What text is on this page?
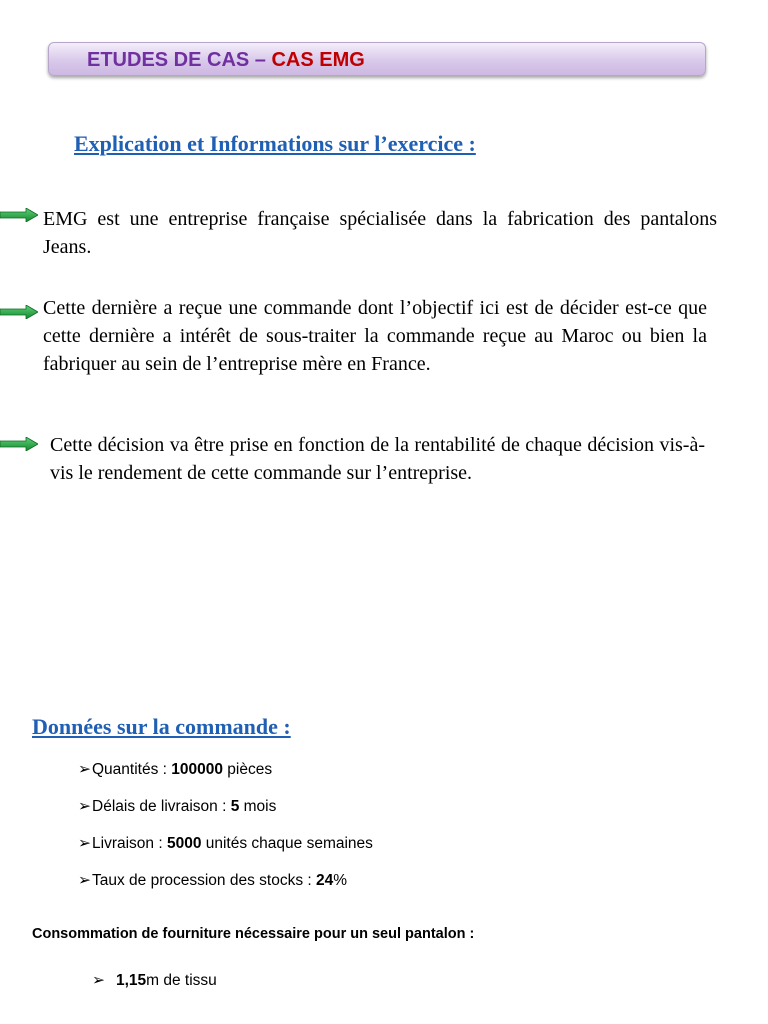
ETUDES DE CAS – CAS EMG
Explication et Informations sur l’exercice :
EMG est une entreprise française spécialisée dans la fabrication des pantalons Jeans.
Cette dernière a reçue une commande dont l’objectif ici est de décider est-ce que cette dernière a intérêt de sous-traiter la commande reçue au Maroc ou bien la fabriquer au sein de l’entreprise mère en France.
Cette décision va être prise en fonction de la rentabilité de chaque décision vis-à-vis le rendement de cette commande sur l’entreprise.
Données sur la commande :
➢Quantités : 100000 pièces
➢Délais de livraison : 5 mois
➢Livraison : 5000 unités chaque semaines
➢Taux de procession des stocks : 24%
Consommation de fourniture nécessaire pour un seul pantalon :
➢ 1,15m de tissu
